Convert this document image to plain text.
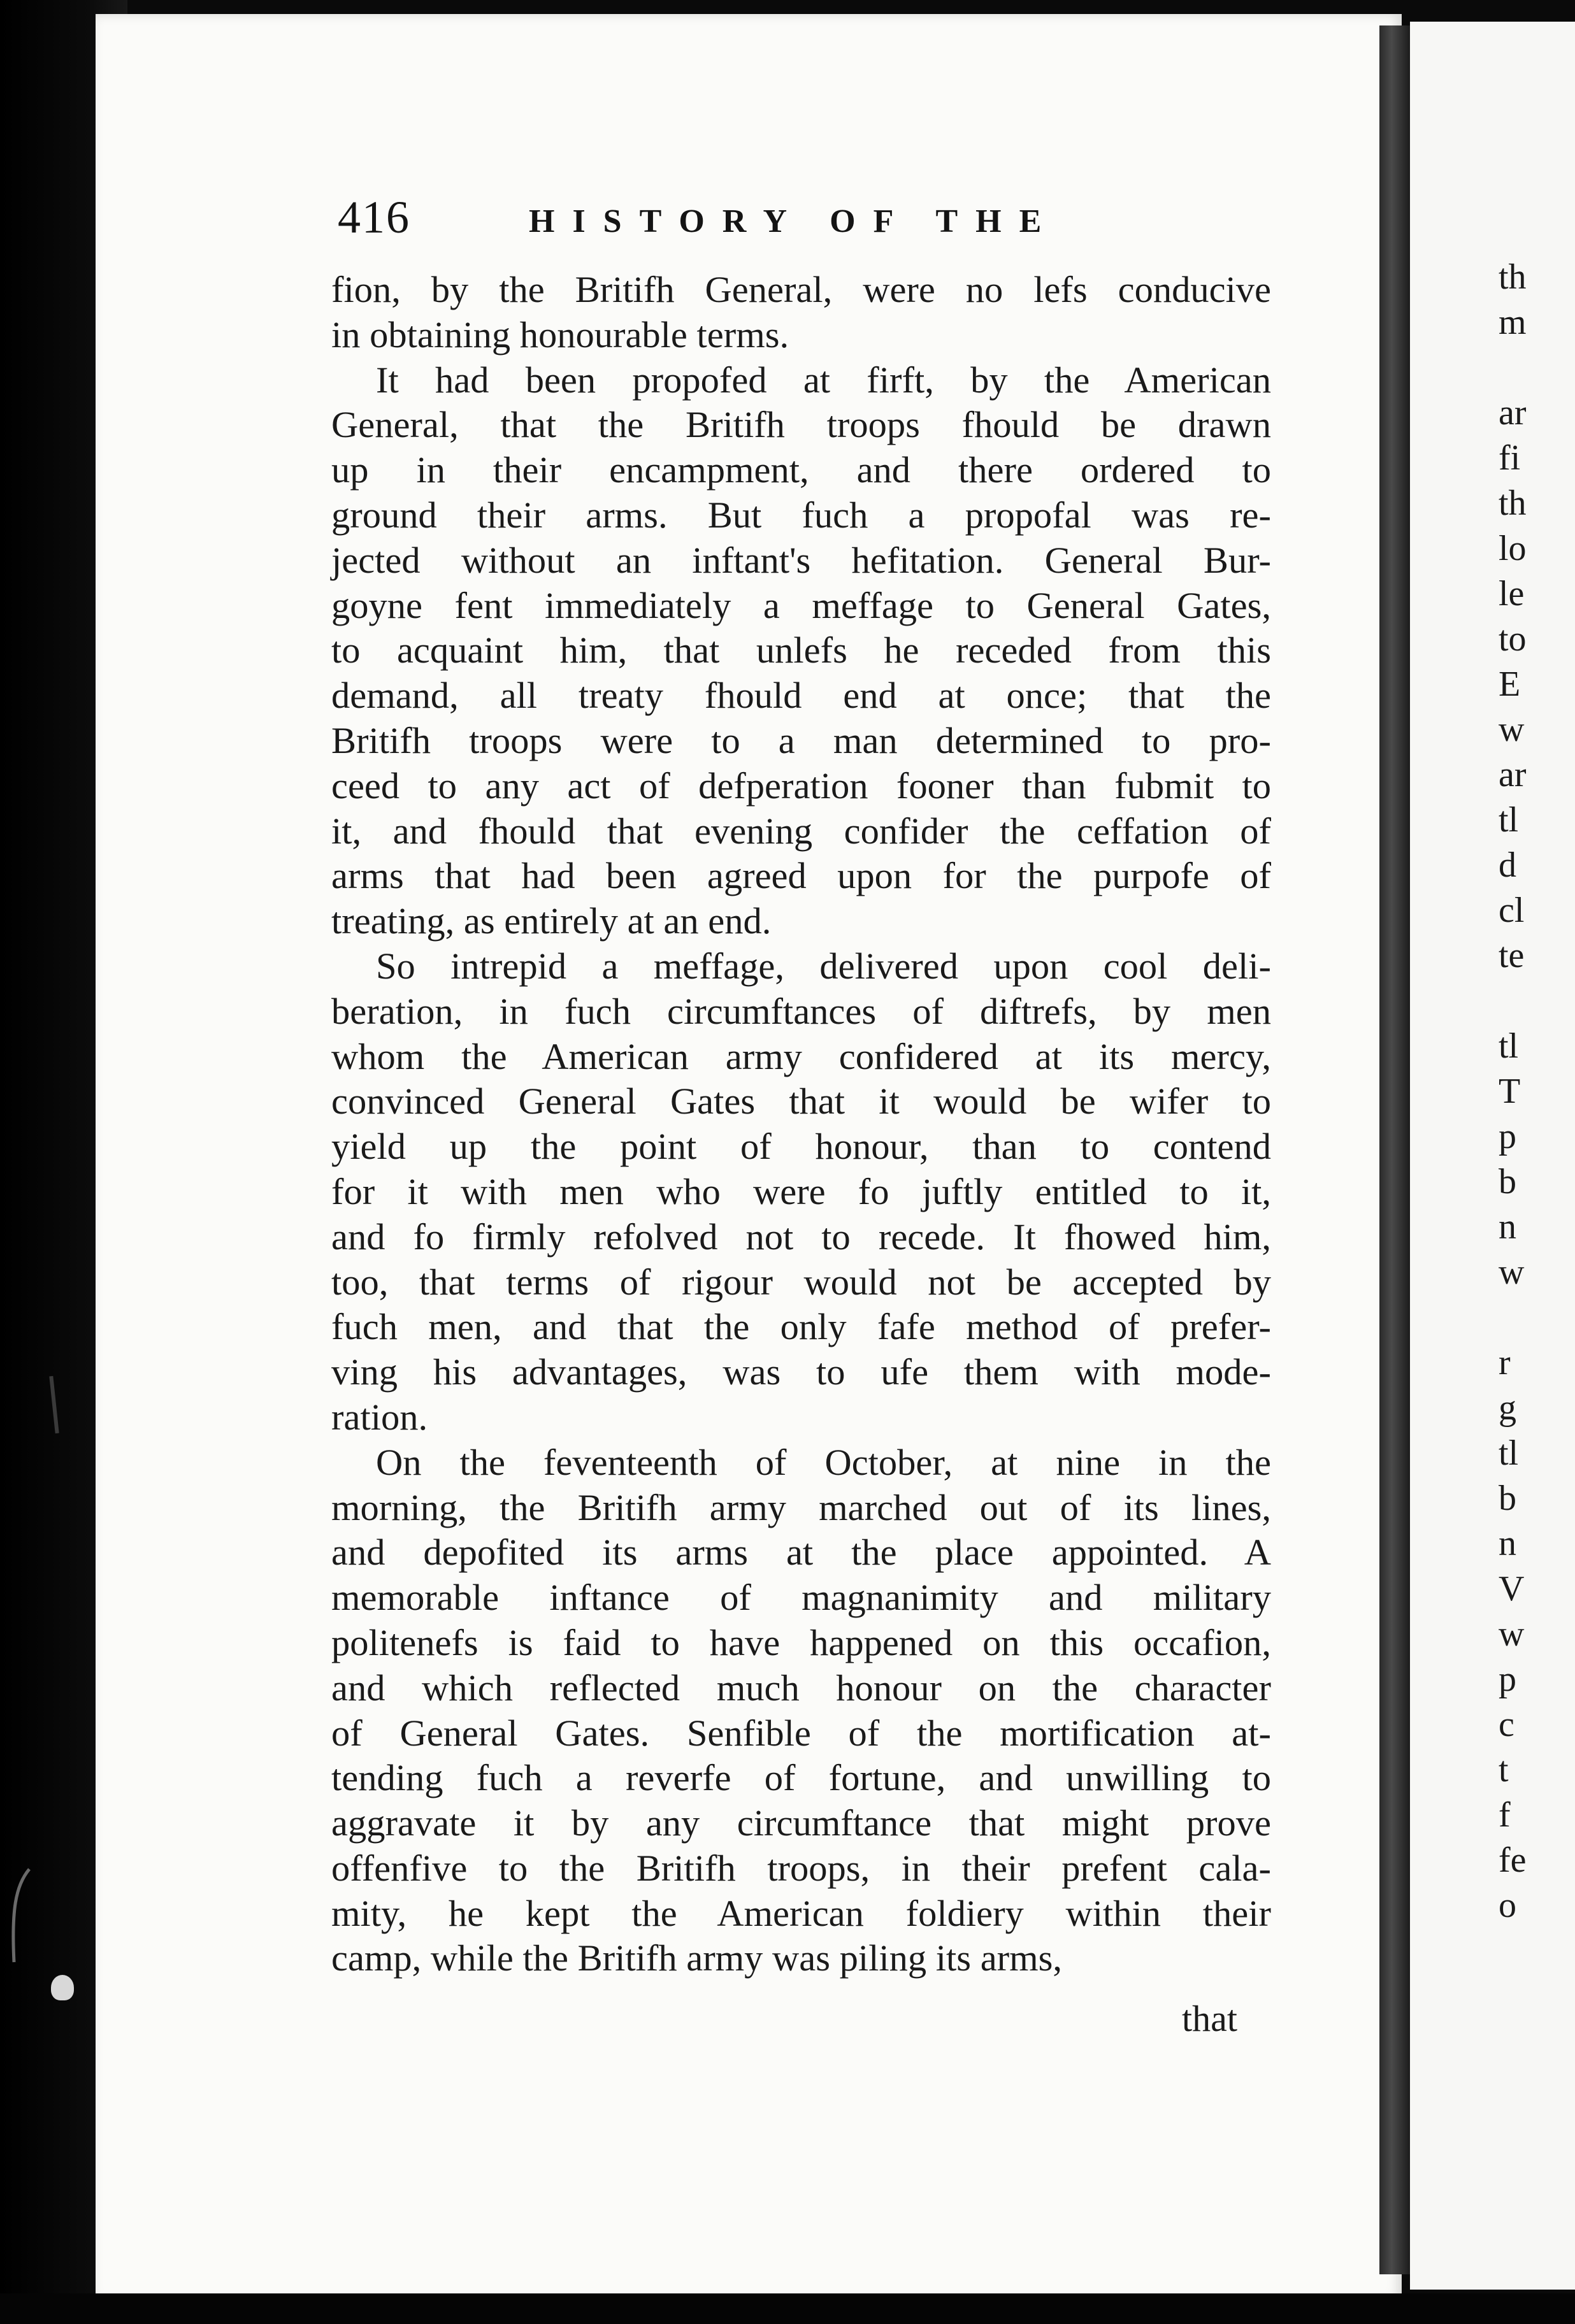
416	HISTORY OF THE
fion, by the Britifh General, were no lefs conducive
in obtaining honourable terms.
It had been propofed at firft, by the American
General, that the Britifh troops fhould be drawn
up in their encampment, and there ordered to
ground their arms. But fuch a propofal was re-
jected without an inftant's hefitation. General Bur-
goyne fent immediately a meffage to General Gates,
to acquaint him, that unlefs he receded from this
demand, all treaty fhould end at once; that the
Britifh troops were to a man determined to pro-
ceed to any act of defperation fooner than fubmit to
it, and fhould that evening confider the ceffation of
arms that had been agreed upon for the purpofe of
treating, as entirely at an end.
So intrepid a meffage, delivered upon cool deli-
beration, in fuch circumftances of diftrefs, by men
whom the American army confidered at its mercy,
convinced General Gates that it would be wifer to
yield up the point of honour, than to contend
for it with men who were fo juftly entitled to it,
and fo firmly refolved not to recede. It fhowed him,
too, that terms of rigour would not be accepted by
fuch men, and that the only fafe method of prefer-
ving his advantages, was to ufe them with mode-
ration.
On the feventeenth of October, at nine in the
morning, the Britifh army marched out of its lines,
and depofited its arms at the place appointed. A
memorable inftance of magnanimity and military
politenefs is faid to have happened on this occafion,
and which reflected much honour on the character
of General Gates. Senfible of the mortification at-
tending fuch a reverfe of fortune, and unwilling to
aggravate it by any circumftance that might prove
offenfive to the Britifh troops, in their prefent cala-
mity, he kept the American foldiery within their
camp, while the Britifh army was piling its arms,
that
th
m
ar
fi
th
lo
le
to
E
w
ar
tl
d
cl
te
tl
T
p
b
n
w
r
g
tl
b
n
V
w
p
c
t
f
fe
o
